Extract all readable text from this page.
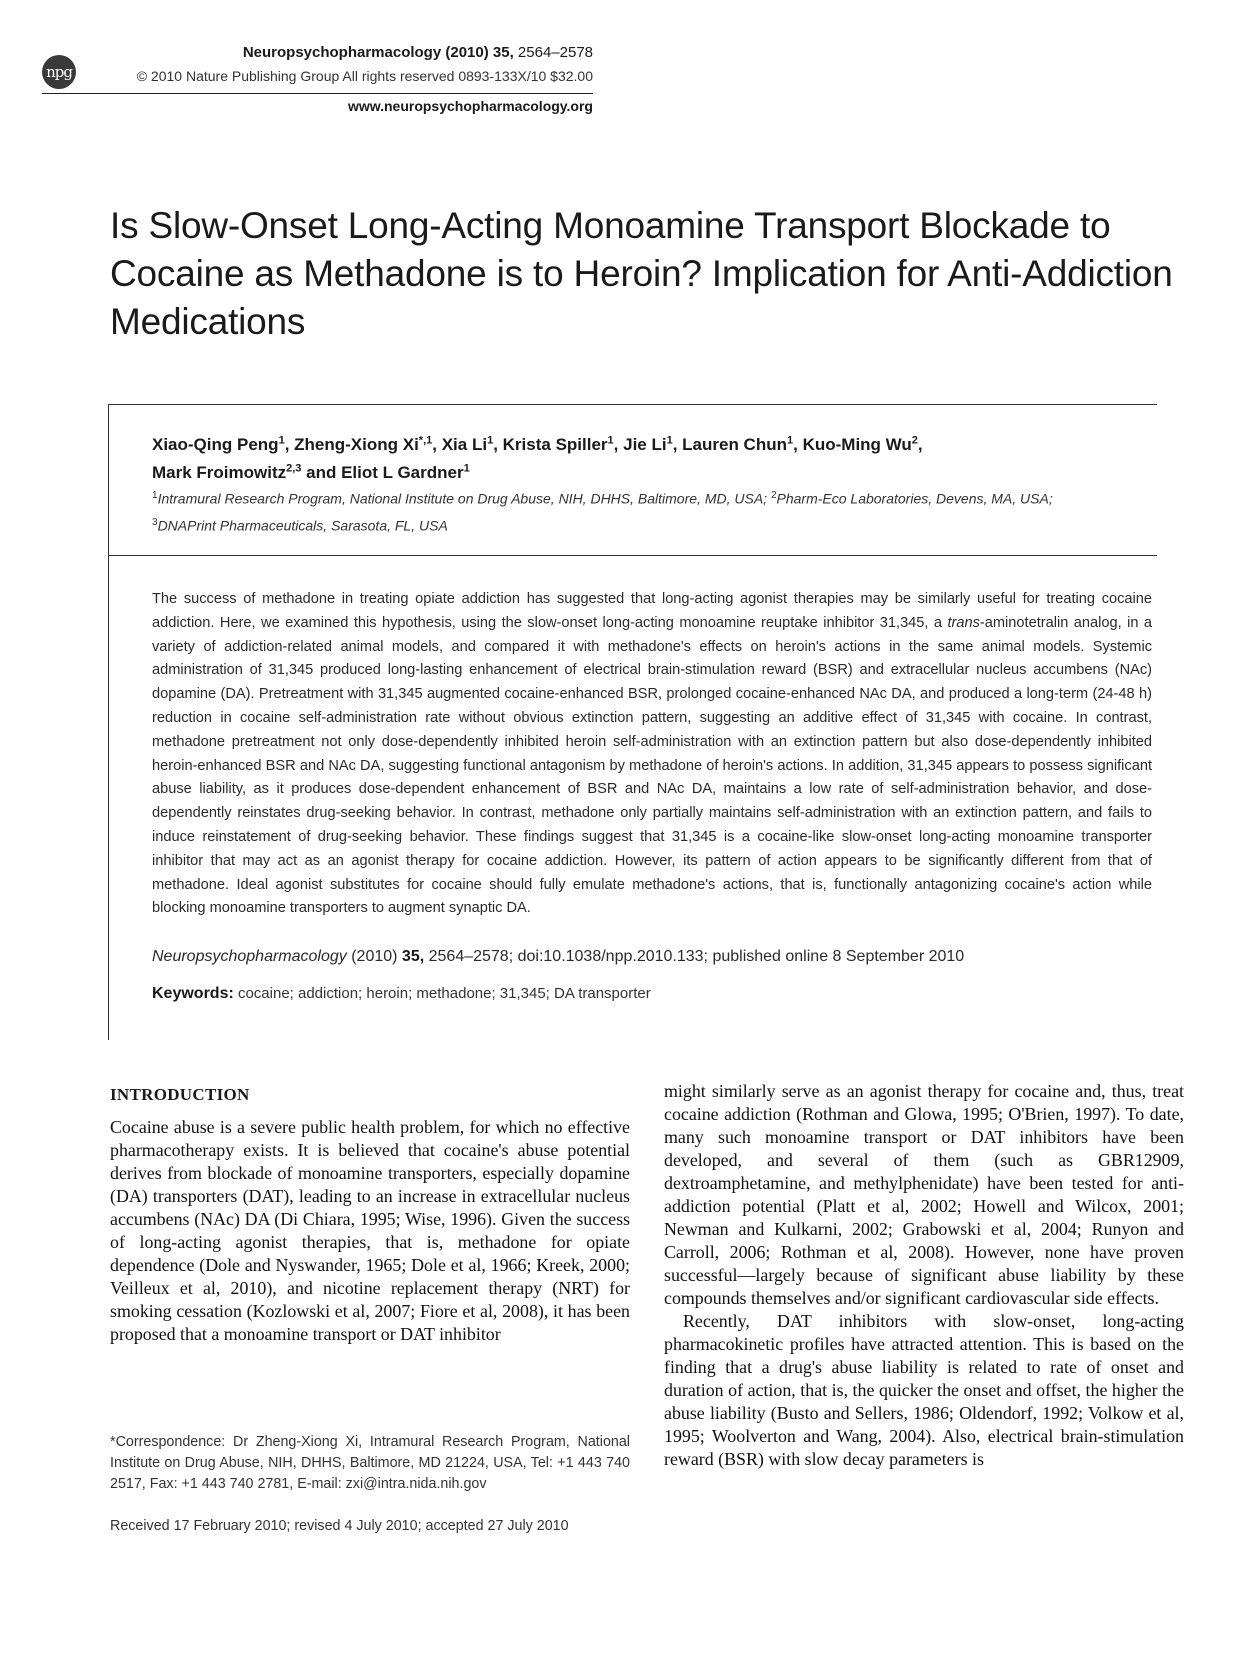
npg
Neuropsychopharmacology (2010) 35, 2564–2578
© 2010 Nature Publishing Group All rights reserved 0893-133X/10 $32.00
www.neuropsychopharmacology.org
Is Slow-Onset Long-Acting Monoamine Transport Blockade to Cocaine as Methadone is to Heroin? Implication for Anti-Addiction Medications
Xiao-Qing Peng$^1$, Zheng-Xiong $Xi^{*,1}$, Xia Li$^1$, Krista Spiller$^1$, Jie Li$^1$, Lauren Chun$^1$, Kuo-Ming Wu$^2$,
Mark Froimowitz$^{2,3}$ and Eliot L Gardner$^1$
$^1$Intramural Research Program, National Institute on Drug Abuse, NIH, DHHS, Baltimore, MD, USA; $^2$Pharm-Eco Laboratories, Devens, MA, USA;
$^3$DNAPrint Pharmaceuticals, Sarasota, FL, USA
The success of methadone in treating opiate addiction has suggested that long-acting agonist therapies may be similarly useful for treating cocaine addiction. Here, we examined this hypothesis, using the slow-onset long-acting monoamine reuptake inhibitor 31,345, a trans-aminotetralin analog, in a variety of addiction-related animal models, and compared it with methadone's effects on heroin's actions in the same animal models. Systemic administration of 31,345 produced long-lasting enhancement of electrical brain-stimulation reward (BSR) and extracellular nucleus accumbens (NAc) dopamine (DA). Pretreatment with 31,345 augmented cocaine-enhanced BSR, prolonged cocaine-enhanced NAc DA, and produced a long-term (24-48 h) reduction in cocaine self-administration rate without obvious extinction pattern, suggesting an additive effect of 31,345 with cocaine. In contrast, methadone pretreatment not only dose-dependently inhibited heroin self-administration with an extinction pattern but also dose-dependently inhibited heroin-enhanced BSR and NAc DA, suggesting functional antagonism by methadone of heroin's actions. In addition, 31,345 appears to possess significant abuse liability, as it produces dose-dependent enhancement of BSR and NAc DA, maintains a low rate of self-administration behavior, and dose-dependently reinstates drug-seeking behavior. In contrast, methadone only partially maintains self-administration with an extinction pattern, and fails to induce reinstatement of drug-seeking behavior. These findings suggest that 31,345 is a cocaine-like slow-onset long-acting monoamine transporter inhibitor that may act as an agonist therapy for cocaine addiction. However, its pattern of action appears to be significantly different from that of methadone. Ideal agonist substitutes for cocaine should fully emulate methadone's actions, that is, functionally antagonizing cocaine's action while blocking monoamine transporters to augment synaptic DA.
Neuropsychopharmacology (2010) 35, 2564–2578; doi:10.1038/npp.2010.133; published online 8 September 2010
Keywords: cocaine; addiction; heroin; methadone; 31,345; DA transporter
INTRODUCTION

Cocaine abuse is a severe public health problem, for which no effective pharmacotherapy exists. It is believed that cocaine's abuse potential derives from blockade of monoamine transporters, especially dopamine (DA) transporters (DAT), leading to an increase in extracellular nucleus accumbens (NAc) DA (Di Chiara, 1995; Wise, 1996). Given the success of long-acting agonist therapies, that is, methadone for opiate dependence (Dole and Nyswander, 1965; Dole et al, 1966; Kreek, 2000; Veilleux et al, 2010), and nicotine replacement therapy (NRT) for smoking cessation (Kozlowski et al, 2007; Fiore et al, 2008), it has been proposed that a monoamine transport or DAT inhibitor

might similarly serve as an agonist therapy for cocaine and, thus, treat cocaine addiction (Rothman and Glowa, 1995; O'Brien, 1997). To date, many such monoamine transport or DAT inhibitors have been developed, and several of them (such as GBR12909, dextroamphetamine, and methylphenidate) have been tested for anti-addiction potential (Platt et al, 2002; Howell and Wilcox, 2001; Newman and Kulkarni, 2002; Grabowski et al, 2004; Runyon and Carroll, 2006; Rothman et al, 2008). However, none have proven successful—largely because of significant abuse liability by these compounds themselves and/or significant cardiovascular side effects.

Recently, DAT inhibitors with slow-onset, long-acting pharmacokinetic profiles have attracted attention. This is based on the finding that a drug's abuse liability is related to rate of onset and duration of action, that is, the quicker the onset and offset, the higher the abuse liability (Busto and Sellers, 1986; Oldendorf, 1992; Volkow et al, 1995; Woolverton and Wang, 2004). Also, electrical brain-stimulation reward (BSR) with slow decay parameters is

*Correspondence: Dr Zheng-Xiong Xi, Intramural Research Program, National Institute on Drug Abuse, NIH, DHHS, Baltimore, MD 21224, USA, Tel: +1 443 740 2517, Fax: +1 443 740 2781, E-mail: zxi@intra.nida.nih.gov
Received 17 February 2010; revised 4 July 2010; accepted 27 July 2010
